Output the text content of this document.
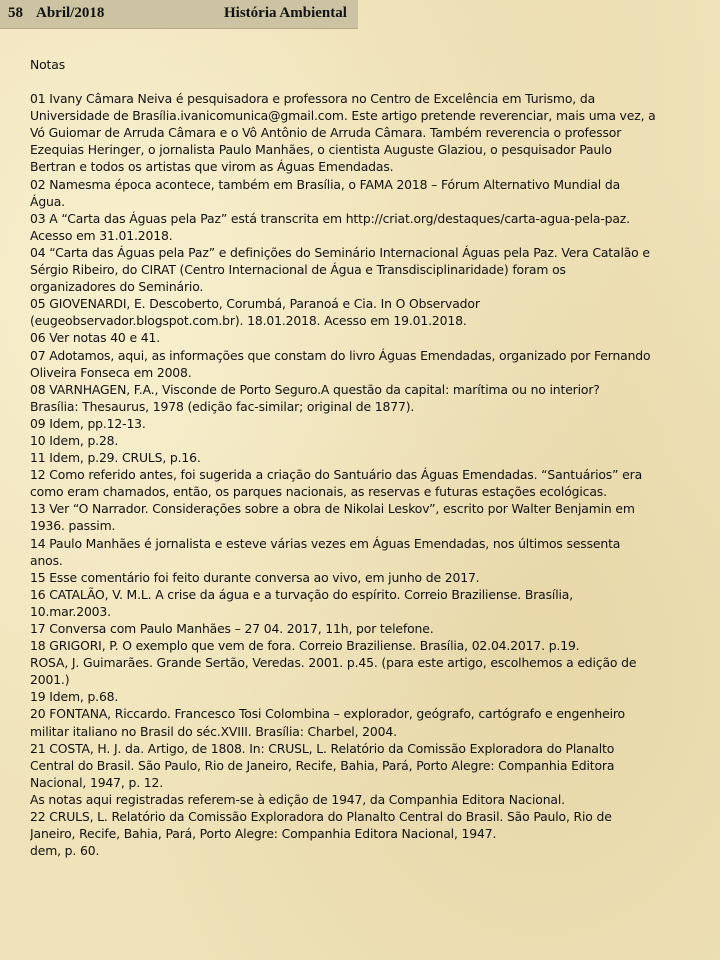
58 Abril/2018	História Ambiental
Notas
01 Ivany Câmara Neiva é pesquisadora e professora no Centro de Excelência em Turismo, da
Universidade de Brasília.ivanicomunica@gmail.com. Este artigo pretende reverenciar, mais uma vez, a
Vó Guiomar de Arruda Câmara e o Vô Antônio de Arruda Câmara. Também reverencia o professor
Ezequias Heringer, o jornalista Paulo Manhães, o cientista Auguste Glaziou, o pesquisador Paulo
Bertran e todos os artistas que virom as Águas Emendadas.
02 Namesma época acontece, também em Brasília, o FAMA 2018 – Fórum Alternativo Mundial da
Água.
03 A “Carta das Águas pela Paz” está transcrita em http://criat.org/destaques/carta-agua-pela-paz.
Acesso em 31.01.2018.
04 “Carta das Águas pela Paz” e definições do Seminário Internacional Águas pela Paz. Vera Catalão e
Sérgio Ribeiro, do CIRAT (Centro Internacional de Água e Transdisciplinaridade) foram os
organizadores do Seminário.
05 GIOVENARDI, E. Descoberto, Corumbá, Paranoá e Cia. In O Observador
(eugeobservador.blogspot.com.br). 18.01.2018. Acesso em 19.01.2018.
06 Ver notas 40 e 41.
07 Adotamos, aqui, as informações que constam do livro Águas Emendadas, organizado por Fernando
Oliveira Fonseca em 2008.
08 VARNHAGEN, F.A., Visconde de Porto Seguro.A questão da capital: marítima ou no interior?
Brasília: Thesaurus, 1978 (edição fac-similar; original de 1877).
09 Idem, pp.12-13.
10 Idem, p.28.
11 Idem, p.29. CRULS, p.16.
12 Como referido antes, foi sugerida a criação do Santuário das Águas Emendadas. “Santuários” era
como eram chamados, então, os parques nacionais, as reservas e futuras estações ecológicas.
13 Ver “O Narrador. Considerações sobre a obra de Nikolai Leskov”, escrito por Walter Benjamin em
1936. passim.
14 Paulo Manhães é jornalista e esteve várias vezes em Águas Emendadas, nos últimos sessenta
anos.
15 Esse comentário foi feito durante conversa ao vivo, em junho de 2017.
16 CATALÃO, V. M.L. A crise da água e a turvação do espírito. Correio Braziliense. Brasília,
10.mar.2003.
17 Conversa com Paulo Manhães – 27 04. 2017, 11h, por telefone.
18 GRIGORI, P. O exemplo que vem de fora. Correio Braziliense. Brasília, 02.04.2017. p.19.
ROSA, J. Guimarães. Grande Sertão, Veredas. 2001. p.45. (para este artigo, escolhemos a edição de
2001.)
19 Idem, p.68.
20 FONTANA, Riccardo. Francesco Tosi Colombina – explorador, geógrafo, cartógrafo e engenheiro
militar italiano no Brasil do séc.XVIII. Brasília: Charbel, 2004.
21 COSTA, H. J. da. Artigo, de 1808. In: CRUSL, L. Relatório da Comissão Exploradora do Planalto
Central do Brasil. São Paulo, Rio de Janeiro, Recife, Bahia, Pará, Porto Alegre: Companhia Editora
Nacional, 1947, p. 12.
As notas aqui registradas referem-se à edição de 1947, da Companhia Editora Nacional.
22 CRULS, L. Relatório da Comissão Exploradora do Planalto Central do Brasil. São Paulo, Rio de
Janeiro, Recife, Bahia, Pará, Porto Alegre: Companhia Editora Nacional, 1947.
dem, p. 60.
